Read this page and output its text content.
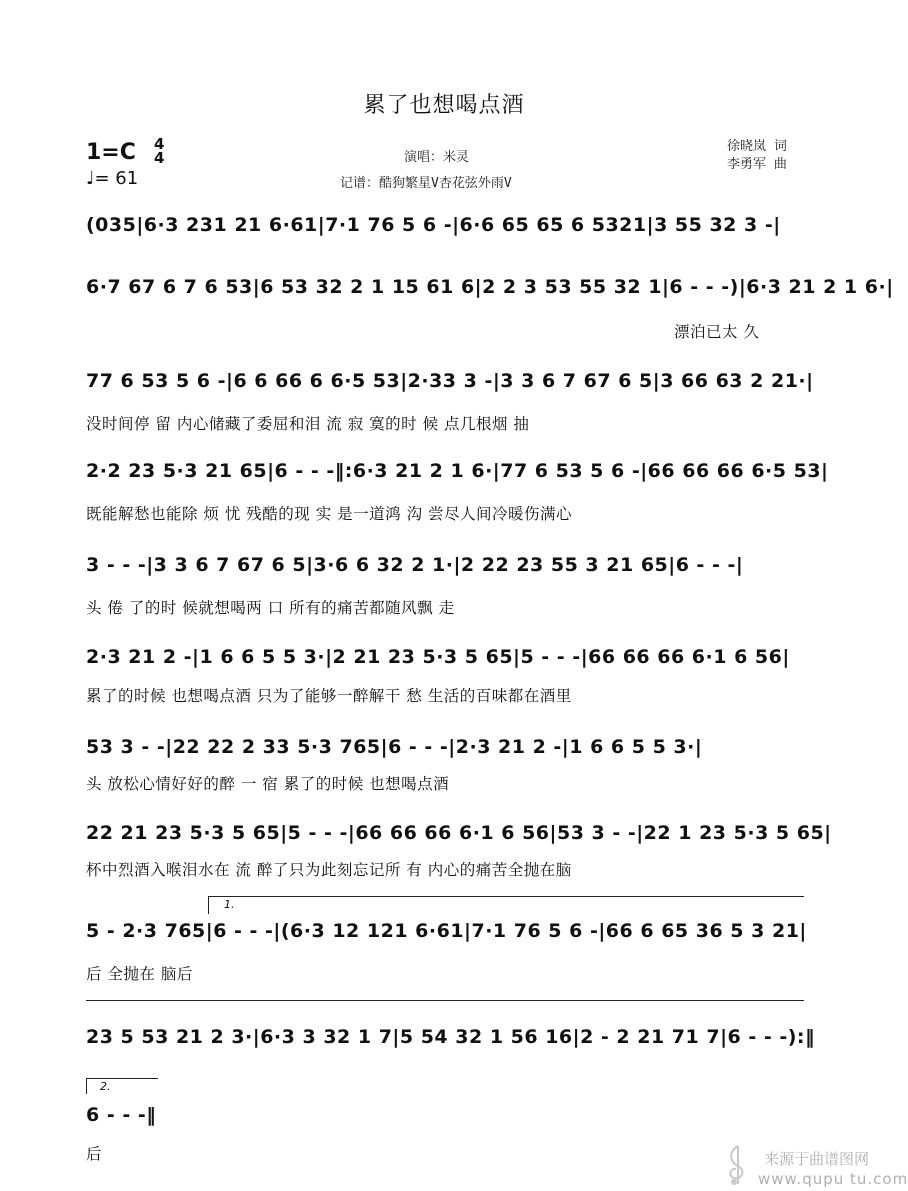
累了也想喝点酒
1=C 4
4
♩= 61
演唱：米灵
记谱：酷狗繁星V杏花弦外雨V
徐晓岚 词
李勇军 曲
(035|6·3 231 21 6·61|7·1 76 5 6 -|6·6 65 65 6 5321|3 55 32 3 -|
6·7 67 6 7 6 53|6 53 32 2 1 15 61 6|2 2 3 53 55 32 1|6 - - -)|6·3 21 2 1 6·|
漂泊已太 久
77 6 53 5 6 -|6 6 66 6 6·5 53|2·33 3 -|3 3 6 7 67 6 5|3 66 63 2 21·|
没时间停 留 内心储藏了委屈和泪 流 寂 寞的时 候 点几根烟 抽
2·2 23 5·3 21 65|6 - - -‖:6·3 21 2 1 6·|77 6 53 5 6 -|66 66 66 6·5 53|
既能解愁也能除 烦 忧 残酷的现 实 是一道鸿 沟 尝尽人间冷暖伤满心
3 - - -|3 3 6 7 67 6 5|3·6 6 32 2 1·|2 22 23 55 3 21 65|6 - - -|
头 倦 了的时 候就想喝两 口 所有的痛苦都随风飘 走
2·3 21 2 -|1 6 6 5 5 3·|2 21 23 5·3 5 65|5 - - -|66 66 66 6·1 6 56|
累了的时候 也想喝点酒 只为了能够一醉解干 愁 生活的百味都在酒里
53 3 - -|22 22 2 33 5·3 765|6 - - -|2·3 21 2 -|1 6 6 5 5 3·|
头 放松心情好好的醉 一 宿 累了的时候 也想喝点酒
22 21 23 5·3 5 65|5 - - -|66 66 66 6·1 6 56|53 3 - -|22 1 23 5·3 5 65|
杯中烈酒入喉泪水在 流 醉了只为此刻忘记所 有 内心的痛苦全抛在脑
1.
5 - 2·3 765|6 - - -|(6·3 12 121 6·61|7·1 76 5 6 -|66 6 65 36 5 3 21|
后 全抛在 脑后
23 5 53 21 2 3·|6·3 3 32 1 7|5 54 32 1 56 16|2 - 2 21 71 7|6 - - -):‖
2.
6 - - -‖
后	来源于曲谱图网
www.qupu tu.com
